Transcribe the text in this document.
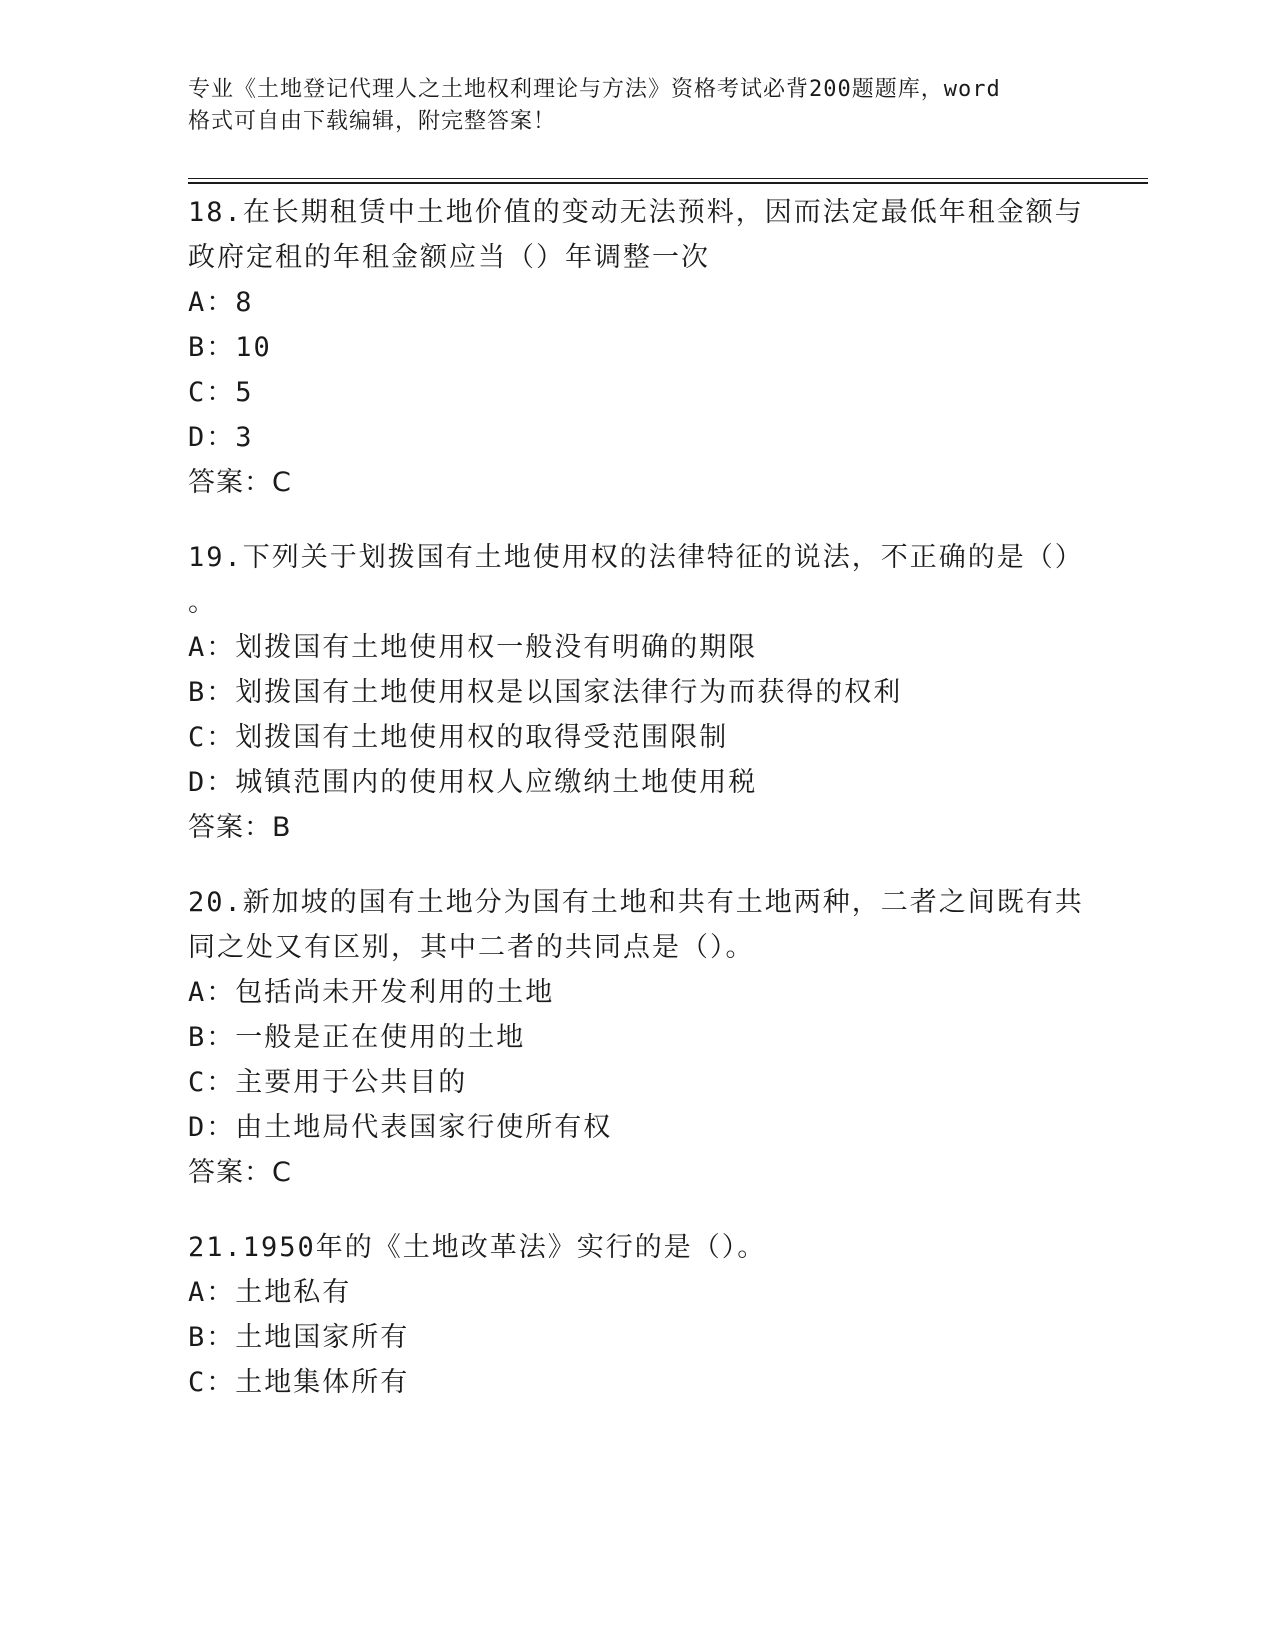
专业《土地登记代理人之土地权利理论与方法》资格考试必背200题题库，word
格式可自由下载编辑，附完整答案！
18.在长期租赁中土地价值的变动无法预料，因而法定最低年租金额与
政府定租的年租金额应当（）年调整一次
A：8
B：10
C：5
D：3
答案：C
19.下列关于划拨国有土地使用权的法律特征的说法，不正确的是（）
。
A：划拨国有土地使用权一般没有明确的期限
B：划拨国有土地使用权是以国家法律行为而获得的权利
C：划拨国有土地使用权的取得受范围限制
D：城镇范围内的使用权人应缴纳土地使用税
答案：B
20.新加坡的国有土地分为国有土地和共有土地两种，二者之间既有共
同之处又有区别，其中二者的共同点是（）。
A：包括尚未开发利用的土地
B：一般是正在使用的土地
C：主要用于公共目的
D：由土地局代表国家行使所有权
答案：C
21.1950年的《土地改革法》实行的是（）。
A：土地私有
B：土地国家所有
C：土地集体所有
